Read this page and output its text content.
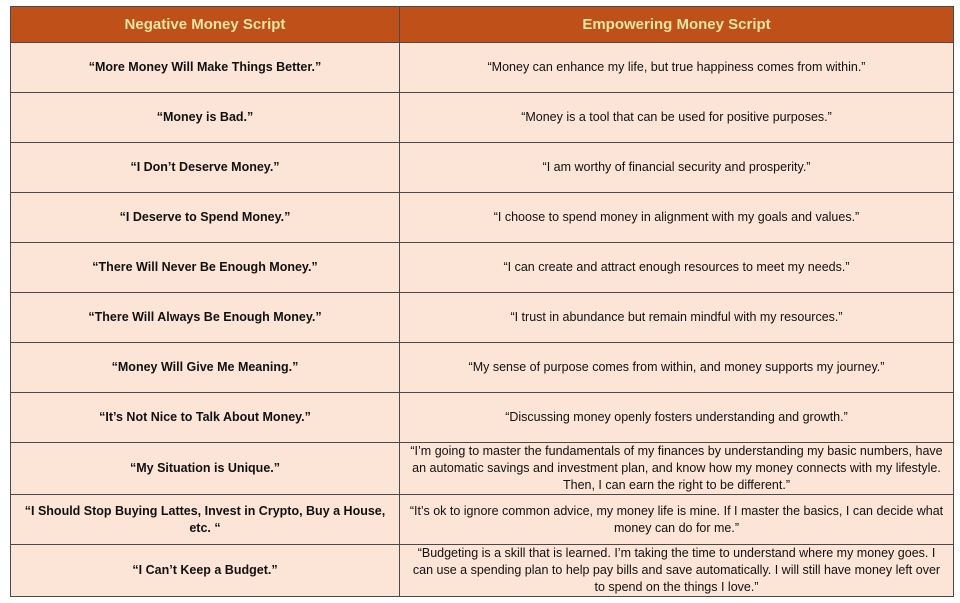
Negative Money Script	Empowering Money Script
“More Money Will Make Things Better.”	“Money can enhance my life, but true happiness comes from within.”
“Money is Bad.”	“Money is a tool that can be used for positive purposes.”
“I Don’t Deserve Money.”	“I am worthy of financial security and prosperity.”
“I Deserve to Spend Money.”	“I choose to spend money in alignment with my goals and values.”
“There Will Never Be Enough Money.”	“I can create and attract enough resources to meet my needs.”
“There Will Always Be Enough Money.”	“I trust in abundance but remain mindful with my resources.”
“Money Will Give Me Meaning.”	“My sense of purpose comes from within, and money supports my journey.”
“It’s Not Nice to Talk About Money.”	“Discussing money openly fosters understanding and growth.”
“My Situation is Unique.”	“I’m going to master the fundamentals of my finances by understanding my basic numbers, have an automatic savings and investment plan, and know how my money connects with my lifestyle. Then, I can earn the right to be different.”
“I Should Stop Buying Lattes, Invest in Crypto, Buy a House, etc. “	“It’s ok to ignore common advice, my money life is mine. If I master the basics, I can decide what money can do for me.”
“I Can’t Keep a Budget.”	“Budgeting is a skill that is learned. I’m taking the time to understand where my money goes. I can use a spending plan to help pay bills and save automatically. I will still have money left over to spend on the things I love.”
